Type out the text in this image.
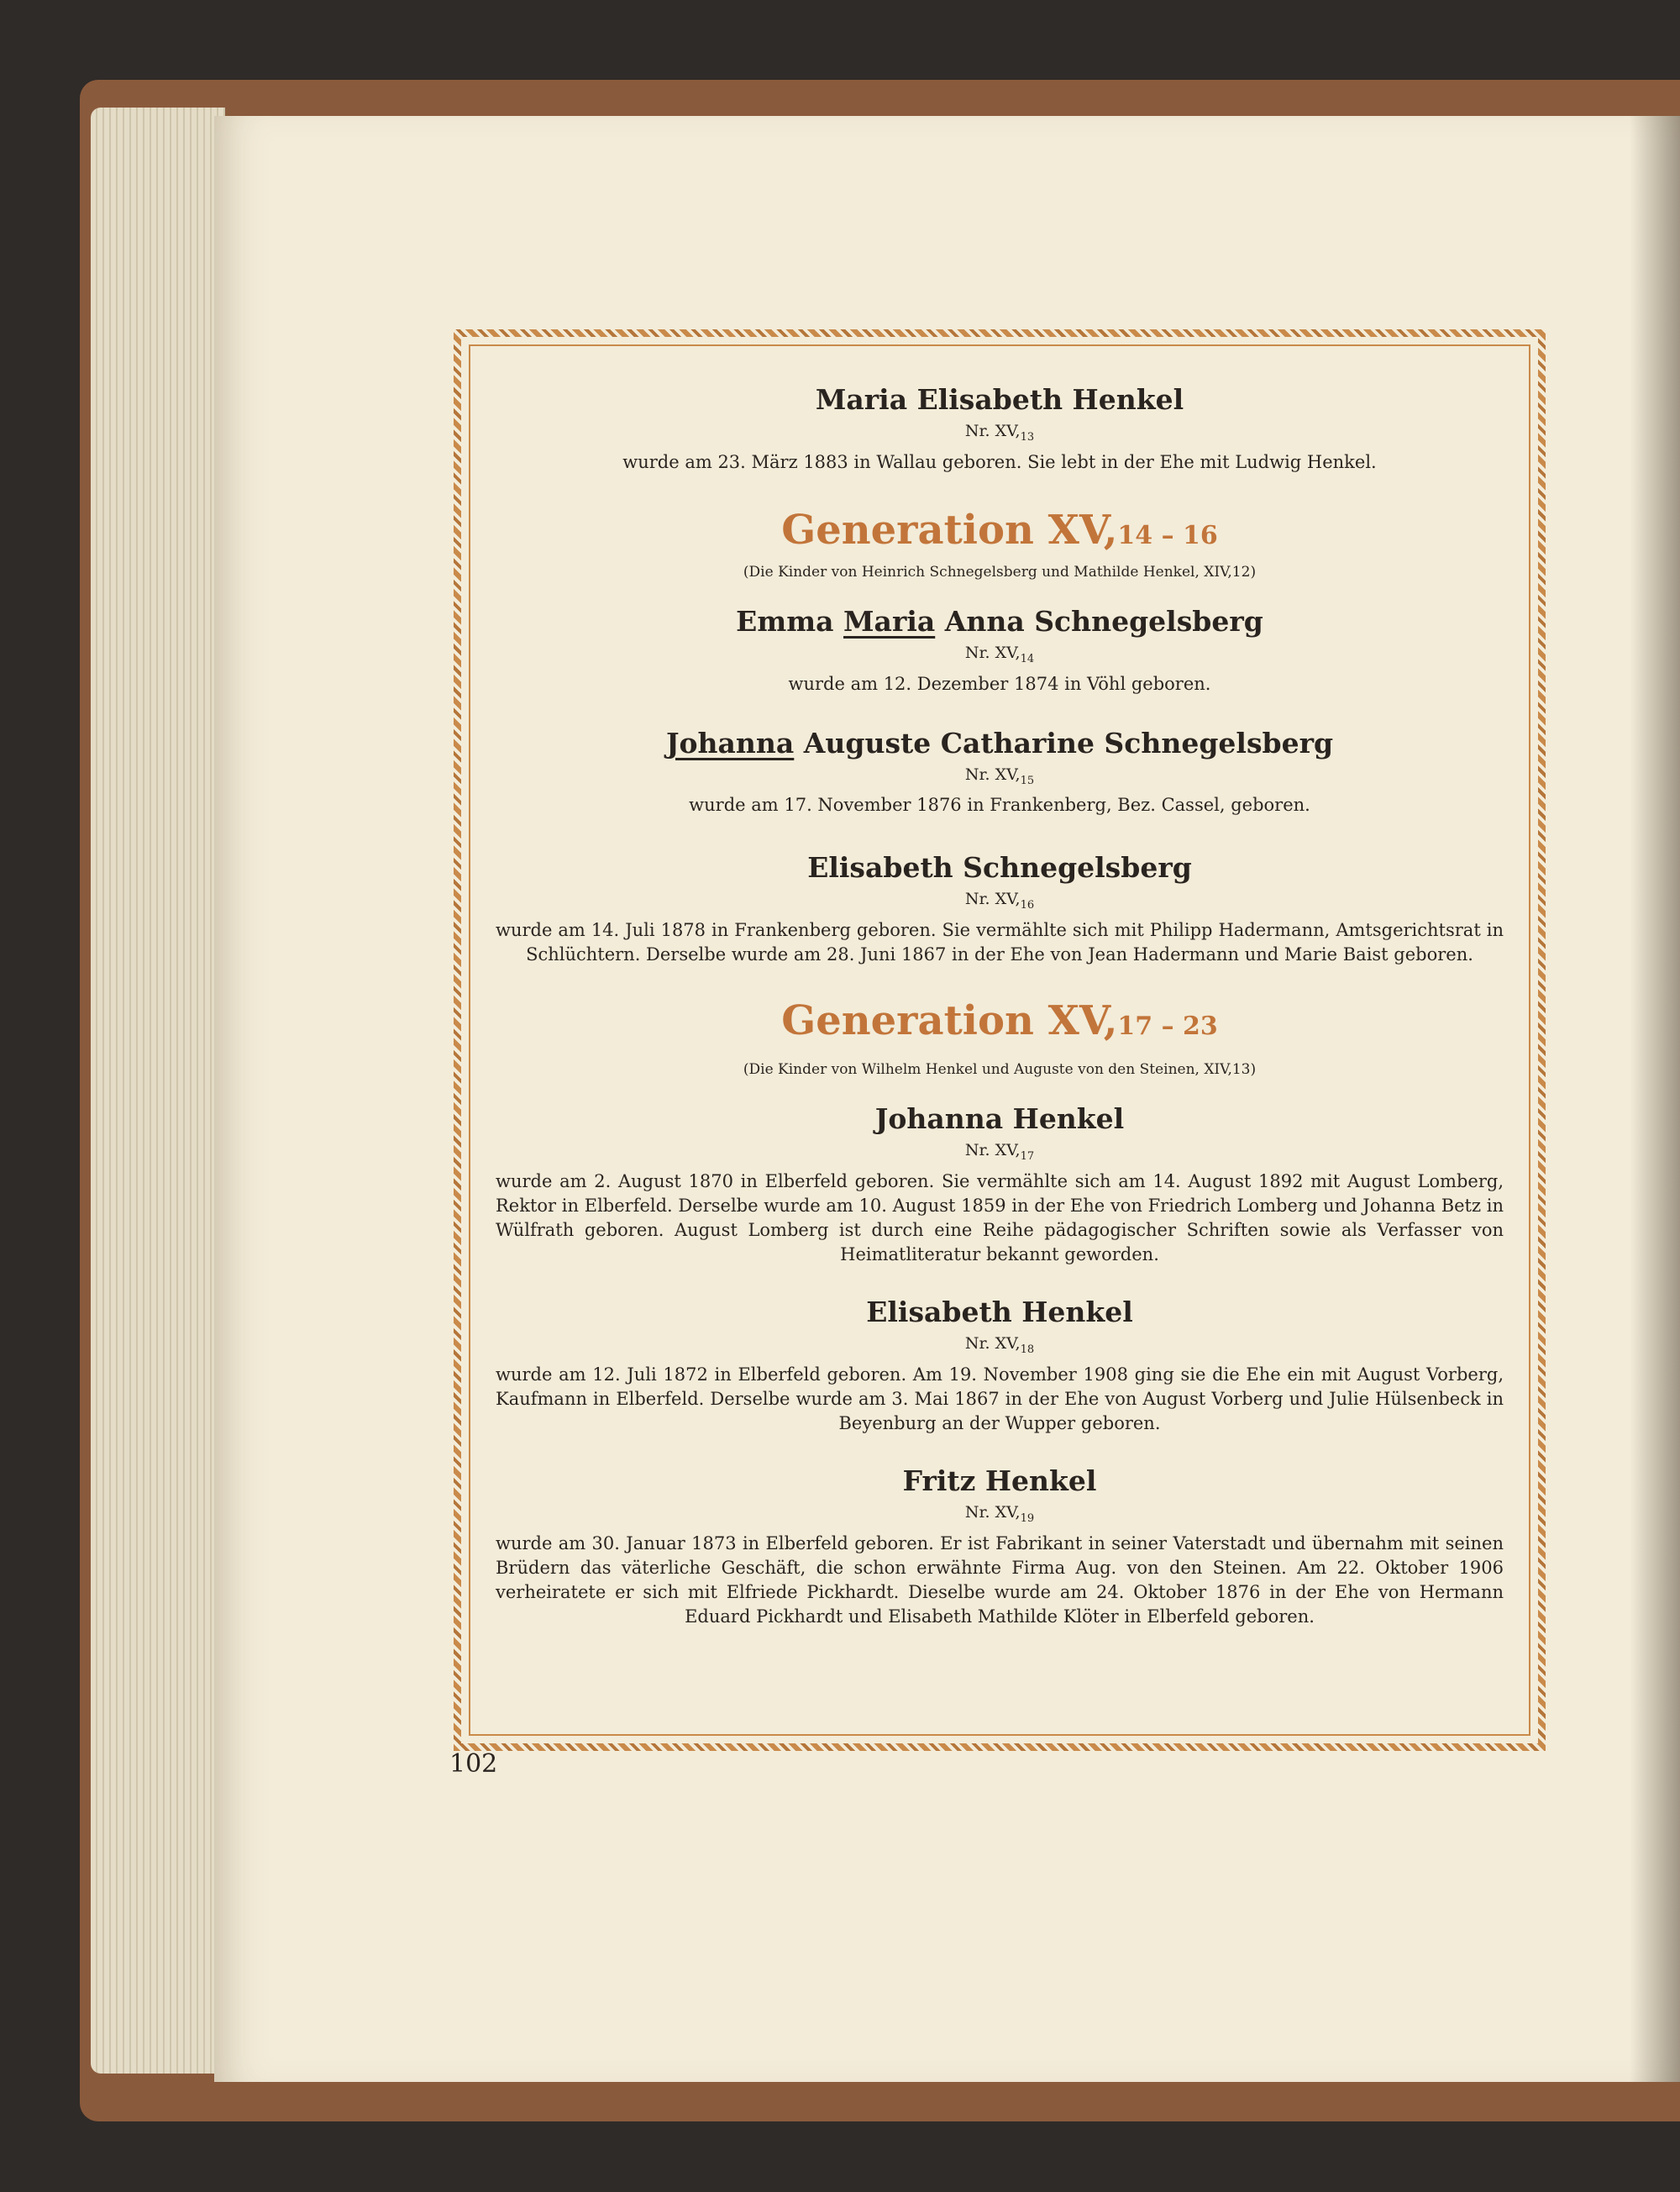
Maria Elisabeth Henkel

Nr. $XV,_{13}$

wurde am 23. März 1883 in Wallau geboren. Sie lebt in der Ehe mit Ludwig Henkel.

Generation XV,14 – 16

(Die Kinder von Heinrich Schnegelsberg und Mathilde Henkel, XIV,12)

Emma Maria Anna Schnegelsberg

Nr. $XV,_{14}$

wurde am 12. Dezember 1874 in Vöhl geboren.

Johanna Auguste Catharine Schnegelsberg

Nr. $XV,_{15}$

wurde am 17. November 1876 in Frankenberg, Bez. Cassel, geboren.

Elisabeth Schnegelsberg

Nr. $XV,_{16}$

wurde am 14. Juli 1878 in Frankenberg geboren. Sie vermählte sich mit Philipp Hadermann, Amtsgerichtsrat in Schlüchtern. Derselbe wurde am 28. Juni 1867 in der Ehe von Jean Hadermann und Marie Baist geboren.

Generation XV,17 – 23

(Die Kinder von Wilhelm Henkel und Auguste von den Steinen, XIV,13)

Johanna Henkel

Nr. $XV,_{17}$

wurde am 2. August 1870 in Elberfeld geboren. Sie vermählte sich am 14. August 1892 mit August Lomberg, Rektor in Elberfeld. Derselbe wurde am 10. August 1859 in der Ehe von Friedrich Lomberg und Johanna Betz in Wülfrath geboren. August Lomberg ist durch eine Reihe pädagogischer Schriften sowie als Verfasser von Heimatliteratur bekannt geworden.

Elisabeth Henkel

Nr. $XV,_{18}$

wurde am 12. Juli 1872 in Elberfeld geboren. Am 19. November 1908 ging sie die Ehe ein mit August Vorberg, Kaufmann in Elberfeld. Derselbe wurde am 3. Mai 1867 in der Ehe von August Vorberg und Julie Hülsenbeck in Beyenburg an der Wupper geboren.

Fritz Henkel

Nr. $XV,_{19}$

wurde am 30. Januar 1873 in Elberfeld geboren. Er ist Fabrikant in seiner Vaterstadt und übernahm mit seinen Brüdern das väterliche Geschäft, die schon erwähnte Firma Aug. von den Steinen. Am 22. Oktober 1906 verheiratete er sich mit Elfriede Pickhardt. Dieselbe wurde am 24. Oktober 1876 in der Ehe von Hermann Eduard Pickhardt und Elisabeth Mathilde Klöter in Elberfeld geboren.

102
